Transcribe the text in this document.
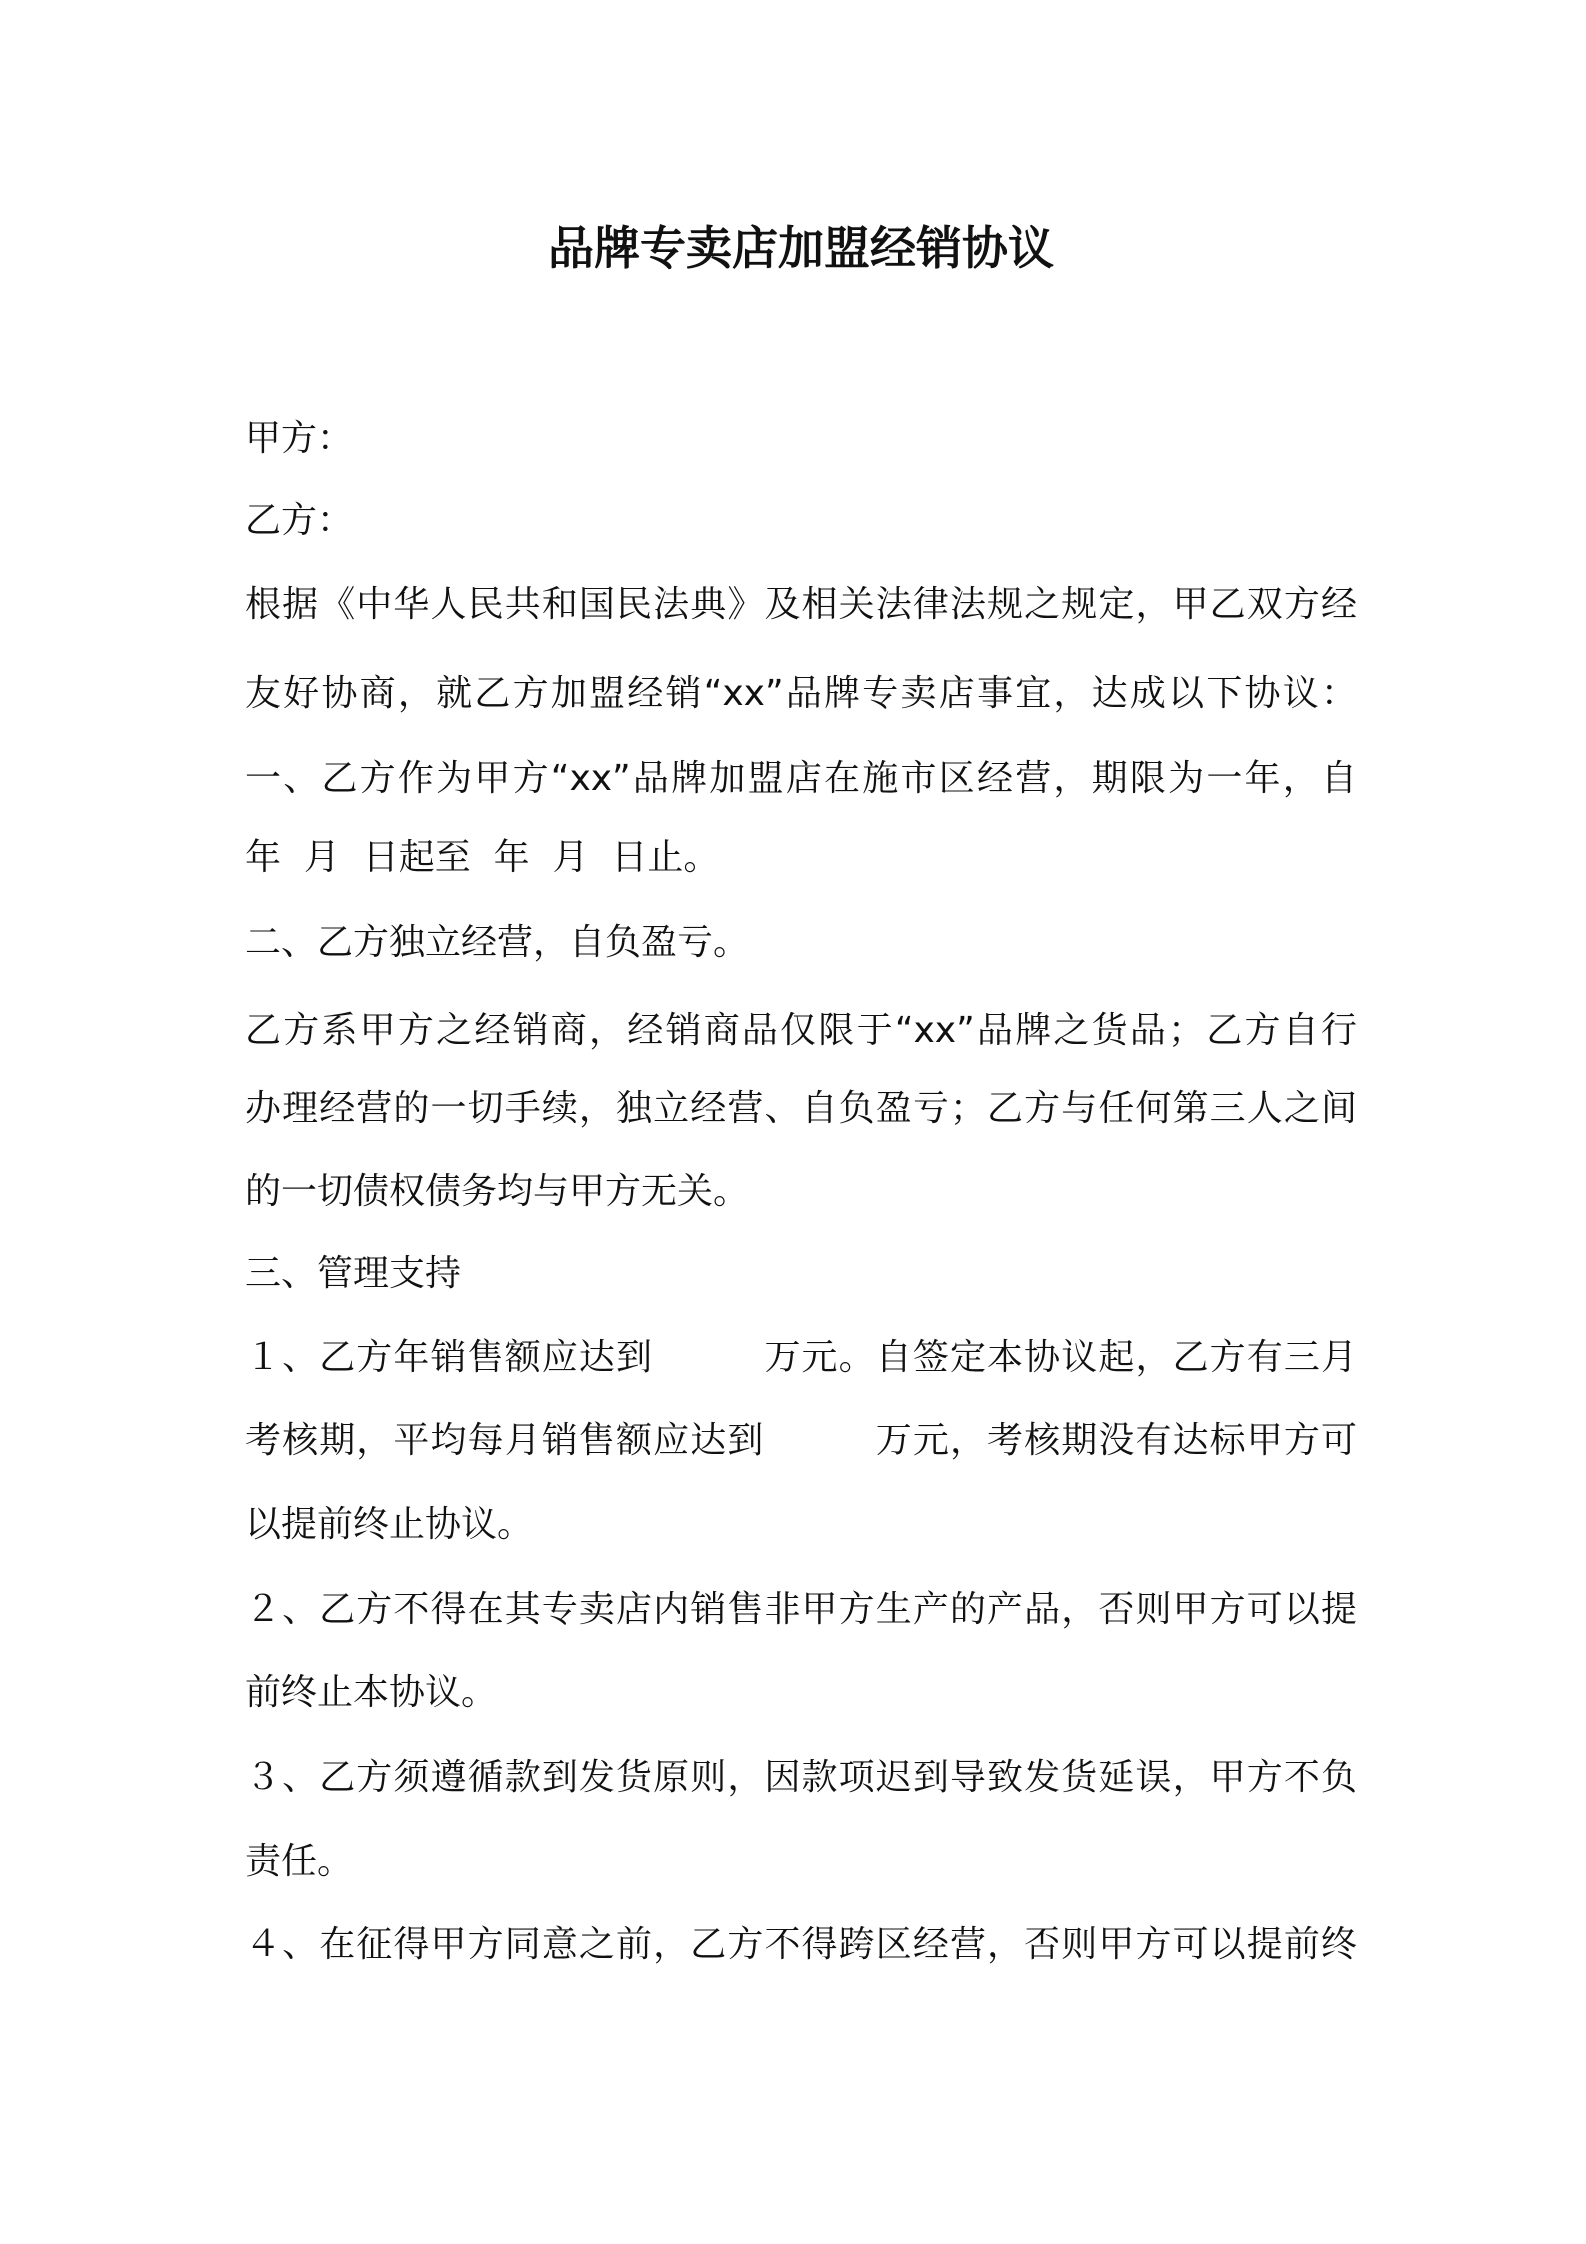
品牌专卖店加盟经销协议

甲方：

乙方：

根据《中华人民共和国民法典》及相关法律法规之规定，甲乙双方经

友好协商，就乙方加盟经销“xx”品牌专卖店事宜，达成以下协议：

一、乙方作为甲方“xx”品牌加盟店在施市区经营，期限为一年，自

年  月  日起至  年  月  日止。

二、乙方独立经营，自负盈亏。

乙方系甲方之经销商，经销商品仅限于“xx”品牌之货品；乙方自行

办理经营的一切手续，独立经营、自负盈亏；乙方与任何第三人之间

的一切债权债务均与甲方无关。

三、管理支持

１、乙方年销售额应达到　　　万元。自签定本协议起，乙方有三月

考核期，平均每月销售额应达到　　　万元，考核期没有达标甲方可

以提前终止协议。

２、乙方不得在其专卖店内销售非甲方生产的产品，否则甲方可以提

前终止本协议。

３、乙方须遵循款到发货原则，因款项迟到导致发货延误，甲方不负

责任。

４、在征得甲方同意之前，乙方不得跨区经营，否则甲方可以提前终
